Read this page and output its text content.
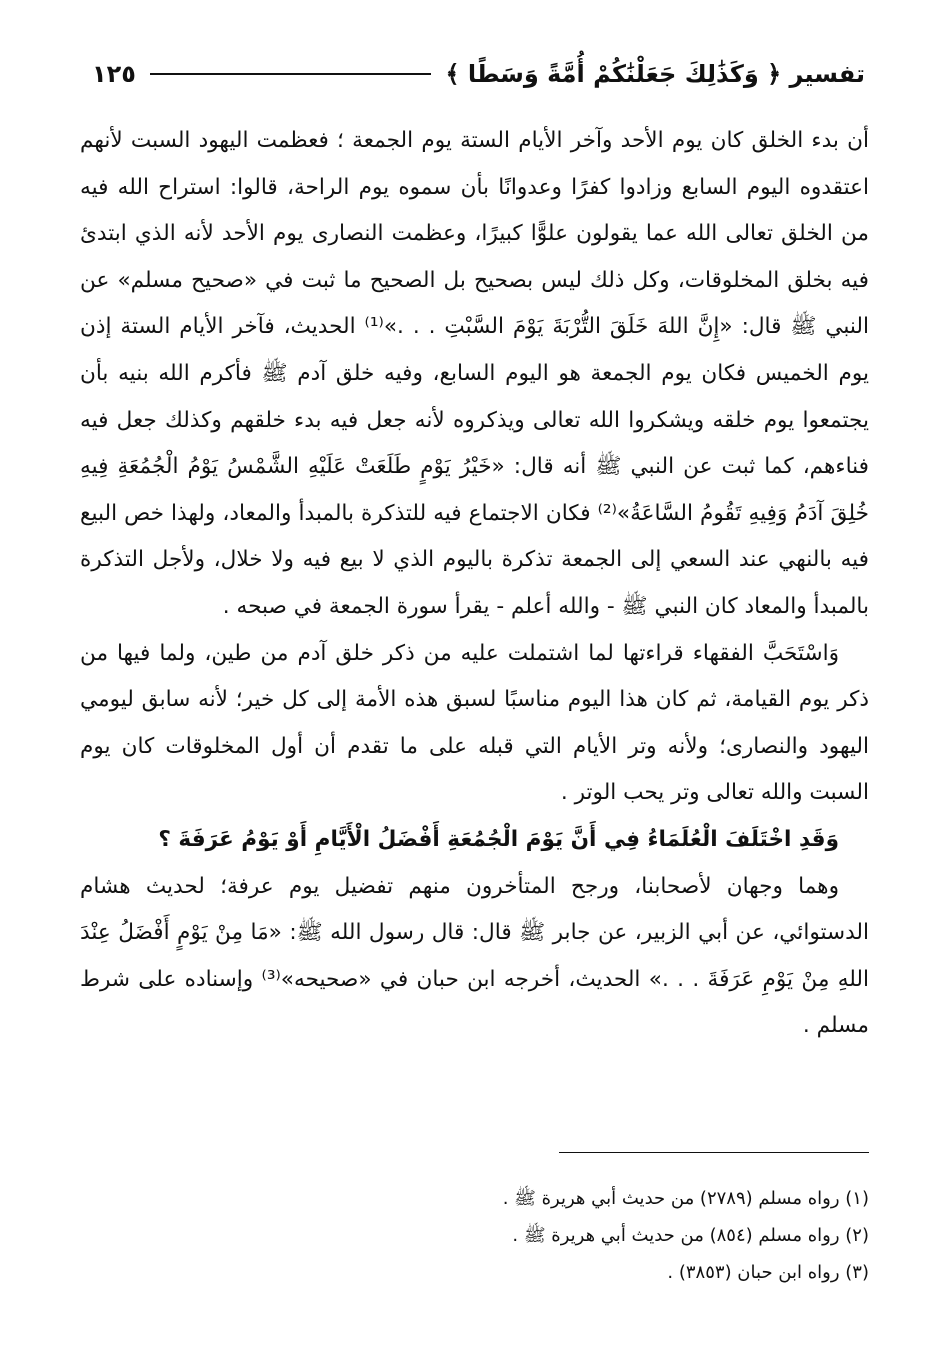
تفسير ﴿ وَكَذَٰلِكَ جَعَلْنَٰكُمْ أُمَّةً وَسَطًا ﴾
١٢٥

أن بدء الخلق كان يوم الأحد وآخر الأيام الستة يوم الجمعة ؛ فعظمت اليهود السبت لأنهم اعتقدوه اليوم السابع وزادوا كفرًا وعدوانًا بأن سموه يوم الراحة، قالوا: استراح الله فيه من الخلق تعالى الله عما يقولون علوًّا كبيرًا، وعظمت النصارى يوم الأحد لأنه الذي ابتدئ فيه بخلق المخلوقات، وكل ذلك ليس بصحيح بل الصحيح ما ثبت في «صحيح مسلم» عن النبي ﷺ قال: «إِنَّ اللهَ خَلَقَ التُّرْبَةَ يَوْمَ السَّبْتِ . . .»⁽¹⁾ الحديث، فآخر الأيام الستة إذن يوم الخميس فكان يوم الجمعة هو اليوم السابع، وفيه خلق آدم ﷺ فأكرم الله بنيه بأن يجتمعوا يوم خلقه ويشكروا الله تعالى ويذكروه لأنه جعل فيه بدء خلقهم وكذلك جعل فيه فناءهم، كما ثبت عن النبي ﷺ أنه قال: «خَيْرُ يَوْمٍ طَلَعَتْ عَلَيْهِ الشَّمْسُ يَوْمُ الْجُمُعَةِ فِيهِ خُلِقَ آدَمُ وَفِيهِ تَقُومُ السَّاعَةُ»⁽²⁾ فكان الاجتماع فيه للتذكرة بالمبدأ والمعاد، ولهذا خص البيع فيه بالنهي عند السعي إلى الجمعة تذكرة باليوم الذي لا بيع فيه ولا خلال، ولأجل التذكرة بالمبدأ والمعاد كان النبي ﷺ - والله أعلم - يقرأ سورة الجمعة في صبحه .

وَاسْتَحَبَّ الفقهاء قراءتها لما اشتملت عليه من ذكر خلق آدم من طين، ولما فيها من ذكر يوم القيامة، ثم كان هذا اليوم مناسبًا لسبق هذه الأمة إلى كل خير؛ لأنه سابق ليومي اليهود والنصارى؛ ولأنه وتر الأيام التي قبله على ما تقدم أن أول المخلوقات كان يوم السبت والله تعالى وتر يحب الوتر .

وَقَدِ اخْتَلَفَ الْعُلَمَاءُ فِي أَنَّ يَوْمَ الْجُمُعَةِ أَفْضَلُ الْأَيَّامِ أَوْ يَوْمُ عَرَفَةَ ؟

وهما وجهان لأصحابنا، ورجح المتأخرون منهم تفضيل يوم عرفة؛ لحديث هشام الدستوائي، عن أبي الزبير، عن جابر ﷺ قال: قال رسول الله ﷺ: «مَا مِنْ يَوْمٍ أَفْضَلُ عِنْدَ اللهِ مِنْ يَوْمِ عَرَفَةَ . . .» الحديث، أخرجه ابن حبان في «صحيحه»⁽³⁾ وإسناده على شرط مسلم .

(١) رواه مسلم (٢٧٨٩) من حديث أبي هريرة ﷺ .

(٢) رواه مسلم (٨٥٤) من حديث أبي هريرة ﷺ .

(٣) رواه ابن حبان (٣٨٥٣) .
